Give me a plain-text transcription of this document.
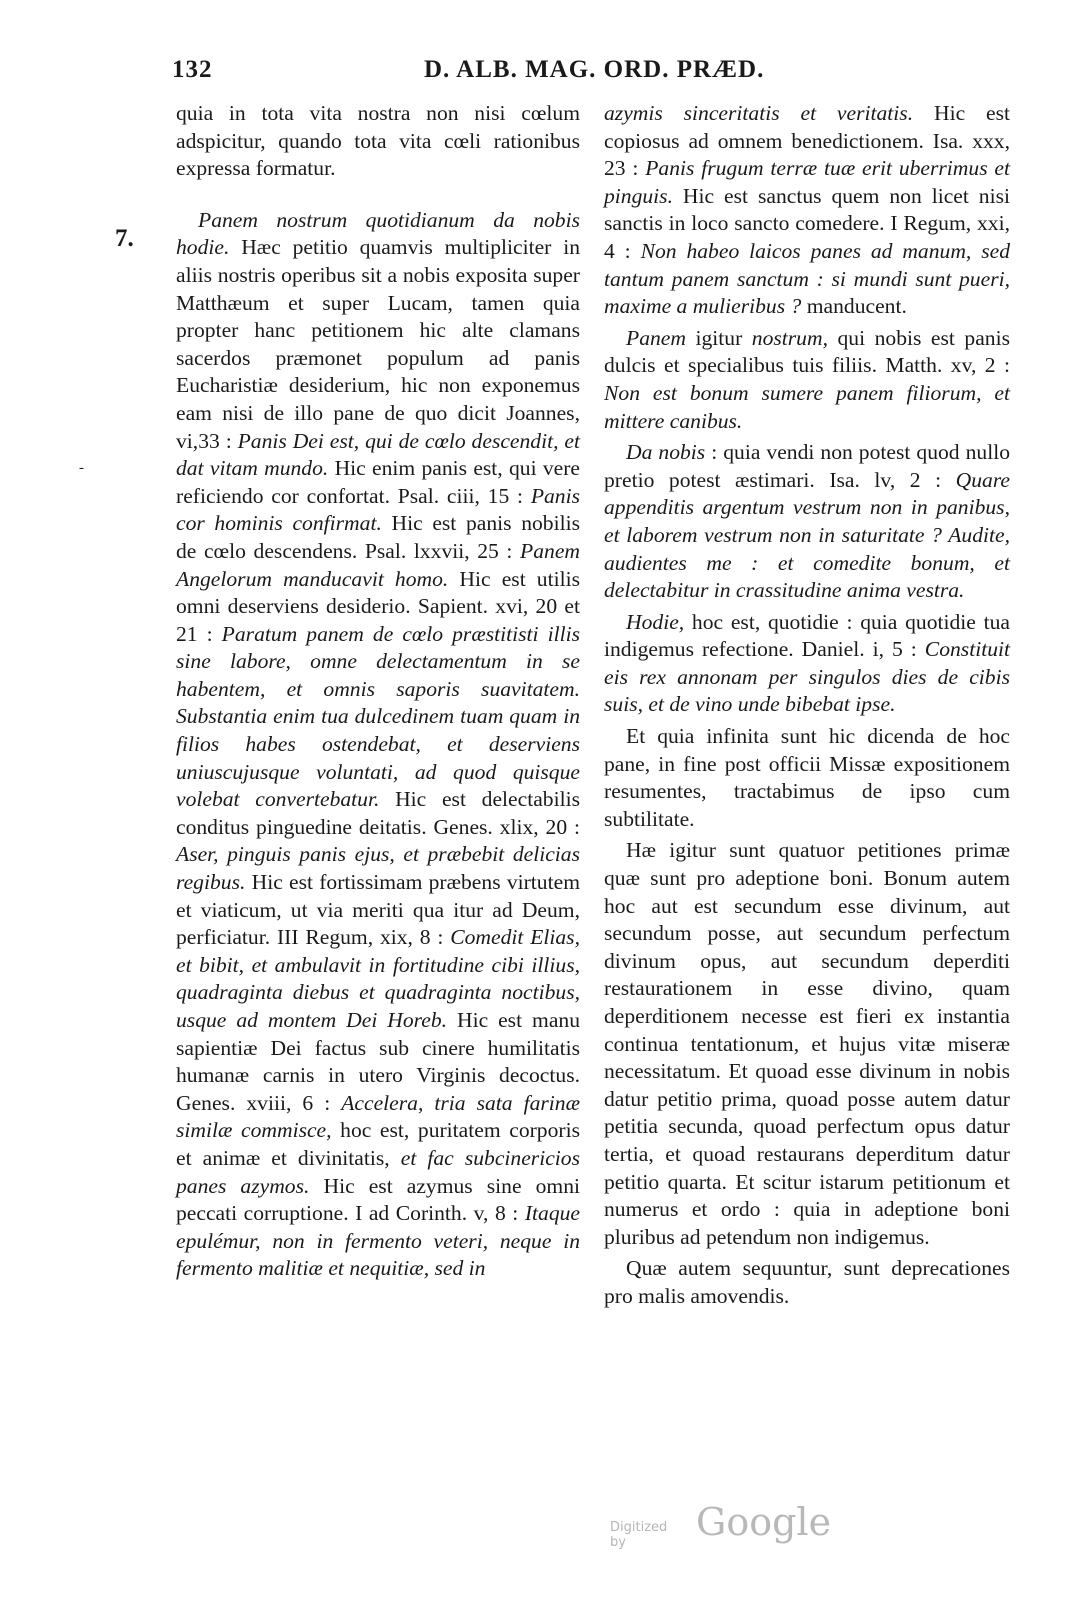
132	D. ALB. MAG. ORD. PRÆD.
7.
-

quia in tota vita nostra non nisi cœlum adspicitur, quando tota vita cœli rationibus expressa formatur.

Panem nostrum quotidianum da nobis hodie. Hæc petitio quamvis multipliciter in aliis nostris operibus sit a nobis exposita super Matthæum et super Lucam, tamen quia propter hanc petitionem hic alte clamans sacerdos præmonet populum ad panis Eucharistiæ desiderium, hic non exponemus eam nisi de illo pane de quo dicit Joannes, vi,33 : Panis Dei est, qui de cœlo descendit, et dat vitam mundo. Hic enim panis est, qui vere reficiendo cor confortat. Psal. ciii, 15 : Panis cor hominis confirmat. Hic est panis nobilis de cœlo descendens. Psal. lxxvii, 25 : Panem Angelorum manducavit homo. Hic est utilis omni deserviens desiderio. Sapient. xvi, 20 et 21 : Paratum panem de cœlo præstitisti illis sine labore, omne delectamentum in se habentem, et omnis saporis suavitatem. Substantia enim tua dulcedinem tuam quam in filios habes ostendebat, et deserviens uniuscujusque voluntati, ad quod quisque volebat convertebatur. Hic est delectabilis conditus pinguedine deitatis. Genes. xlix, 20 : Aser, pinguis panis ejus, et præbebit delicias regibus. Hic est fortissimam præbens virtutem et viaticum, ut via meriti qua itur ad Deum, perficiatur. III Regum, xix, 8 : Comedit Elias, et bibit, et ambulavit in fortitudine cibi illius, quadraginta diebus et quadraginta noctibus, usque ad montem Dei Horeb. Hic est manu sapientiæ Dei factus sub cinere humilitatis humanæ carnis in utero Virginis decoctus. Genes. xviii, 6 : Accelera, tria sata farinæ similæ commisce, hoc est, puritatem corporis et animæ et divinitatis, et fac subcinericios panes azymos. Hic est azymus sine omni peccati corruptione. I ad Corinth. v, 8 : Itaque epulémur, non in fermento veteri, neque in fermento malitiæ et nequitiæ, sed in

azymis sinceritatis et veritatis. Hic est copiosus ad omnem benedictionem. Isa. xxx, 23 : Panis frugum terræ tuæ erit uberrimus et pinguis. Hic est sanctus quem non licet nisi sanctis in loco sancto comedere. I Regum, xxi, 4 : Non habeo laicos panes ad manum, sed tantum panem sanctum : si mundi sunt pueri, maxime a mulieribus ? manducent.

Panem igitur nostrum, qui nobis est panis dulcis et specialibus tuis filiis. Matth. xv, 2 : Non est bonum sumere panem filiorum, et mittere canibus.

Da nobis : quia vendi non potest quod nullo pretio potest æstimari. Isa. lv, 2 : Quare appenditis argentum vestrum non in panibus, et laborem vestrum non in saturitate ? Audite, audientes me : et comedite bonum, et delectabitur in crassitudine anima vestra.

Hodie, hoc est, quotidie : quia quotidie tua indigemus refectione. Daniel. i, 5 : Constituit eis rex annonam per singulos dies de cibis suis, et de vino unde bibebat ipse.

Et quia infinita sunt hic dicenda de hoc pane, in fine post officii Missæ expositionem resumentes, tractabimus de ipso cum subtilitate.

Hæ igitur sunt quatuor petitiones primæ quæ sunt pro adeptione boni. Bonum autem hoc aut est secundum esse divinum, aut secundum posse, aut secundum perfectum divinum opus, aut secundum deperditi restaurationem in esse divino, quam deperditionem necesse est fieri ex instantia continua tentationum, et hujus vitæ miseræ necessitatum. Et quoad esse divinum in nobis datur petitio prima, quoad posse autem datur petitia secunda, quoad perfectum opus datur tertia, et quoad restaurans deperditum datur petitio quarta. Et scitur istarum petitionum et numerus et ordo : quia in adeptione boni pluribus ad petendum non indigemus.

Quæ autem sequuntur, sunt deprecationes pro malis amovendis.

Digitized by	Google
